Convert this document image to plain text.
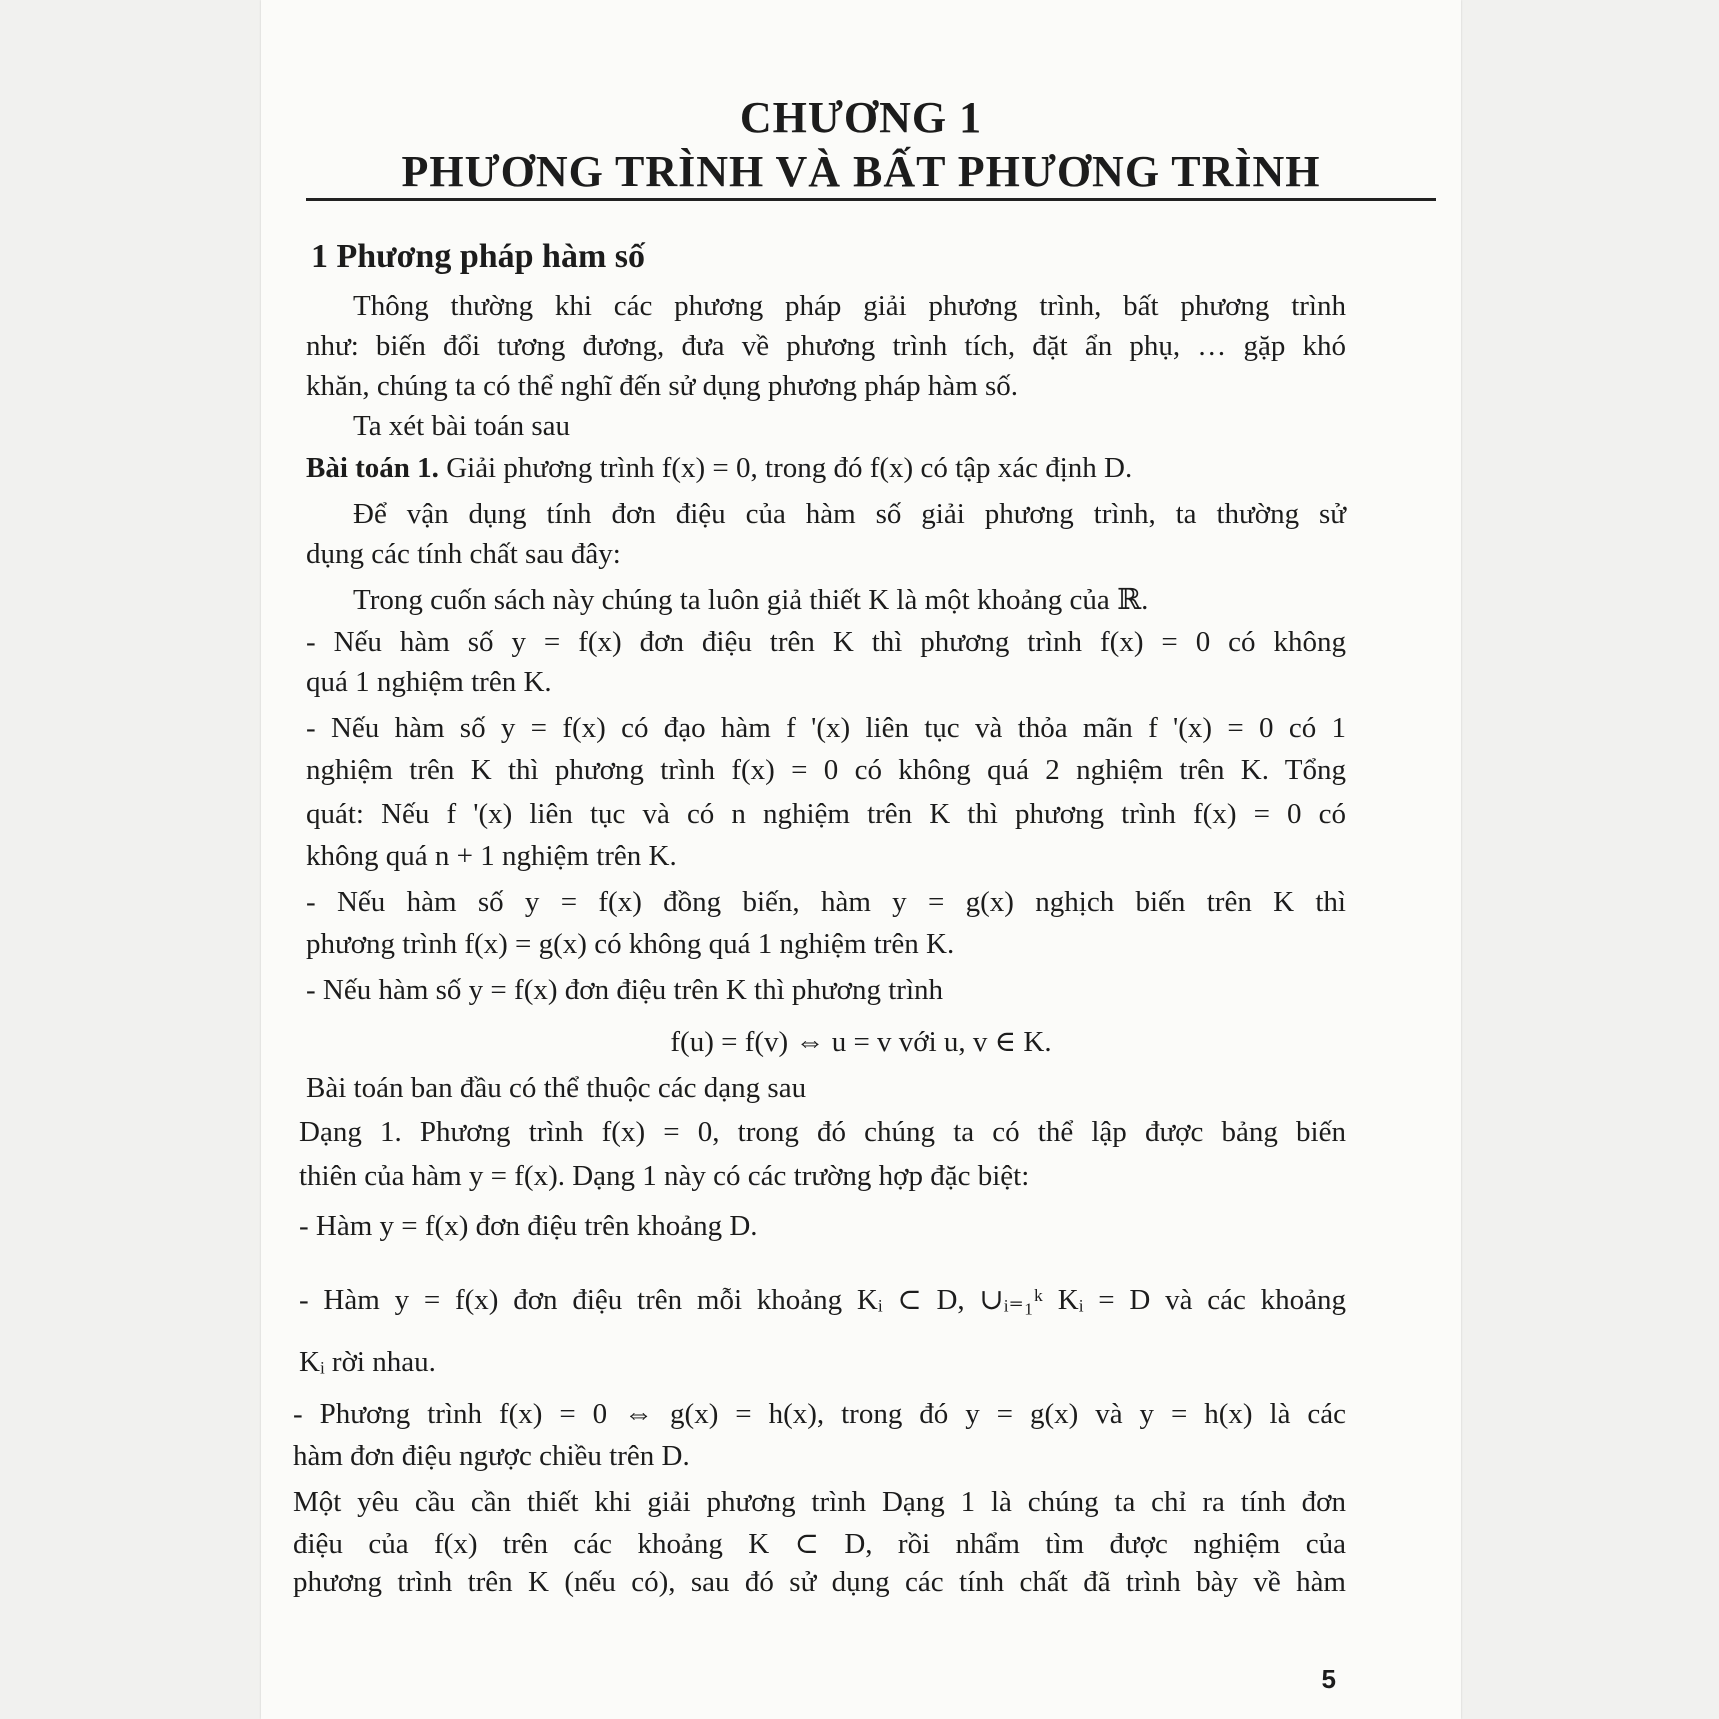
CHƯƠNG 1
PHƯƠNG TRÌNH VÀ BẤT PHƯƠNG TRÌNH
1 Phương pháp hàm số
Thông thường khi các phương pháp giải phương trình, bất phương trình
như: biến đổi tương đương, đưa về phương trình tích, đặt ẩn phụ, … gặp khó
khăn, chúng ta có thể nghĩ đến sử dụng phương pháp hàm số.
Ta xét bài toán sau
Bài toán 1. Giải phương trình f(x) = 0, trong đó f(x) có tập xác định D.
Để vận dụng tính đơn điệu của hàm số giải phương trình, ta thường sử
dụng các tính chất sau đây:
Trong cuốn sách này chúng ta luôn giả thiết K là một khoảng của ℝ.
- Nếu hàm số y = f(x) đơn điệu trên K thì phương trình f(x) = 0 có không
quá 1 nghiệm trên K.
- Nếu hàm số y = f(x) có đạo hàm f '(x) liên tục và thỏa mãn f '(x) = 0 có 1
nghiệm trên K thì phương trình f(x) = 0 có không quá 2 nghiệm trên K. Tổng
quát: Nếu f '(x) liên tục và có n nghiệm trên K thì phương trình f(x) = 0 có
không quá n + 1 nghiệm trên K.
- Nếu hàm số y = f(x) đồng biến, hàm y = g(x) nghịch biến trên K thì
phương trình f(x) = g(x) có không quá 1 nghiệm trên K.
- Nếu hàm số y = f(x) đơn điệu trên K thì phương trình
f(u) = f(v) ⇔ u = v với u, v ∈ K.
Bài toán ban đầu có thể thuộc các dạng sau
Dạng 1. Phương trình f(x) = 0, trong đó chúng ta có thể lập được bảng biến
thiên của hàm y = f(x). Dạng 1 này có các trường hợp đặc biệt:
- Hàm y = f(x) đơn điệu trên khoảng D.
- Hàm y = f(x) đơn điệu trên mỗi khoảng Kᵢ ⊂ D, ∪ᵢ₌₁ᵏ Kᵢ = D và các khoảng
Kᵢ rời nhau.
- Phương trình f(x) = 0 ⇔ g(x) = h(x), trong đó y = g(x) và y = h(x) là các
hàm đơn điệu ngược chiều trên D.
Một yêu cầu cần thiết khi giải phương trình Dạng 1 là chúng ta chỉ ra tính đơn
điệu của f(x) trên các khoảng K ⊂ D, rồi nhẩm tìm được nghiệm của
phương trình trên K (nếu có), sau đó sử dụng các tính chất đã trình bày về hàm
5
